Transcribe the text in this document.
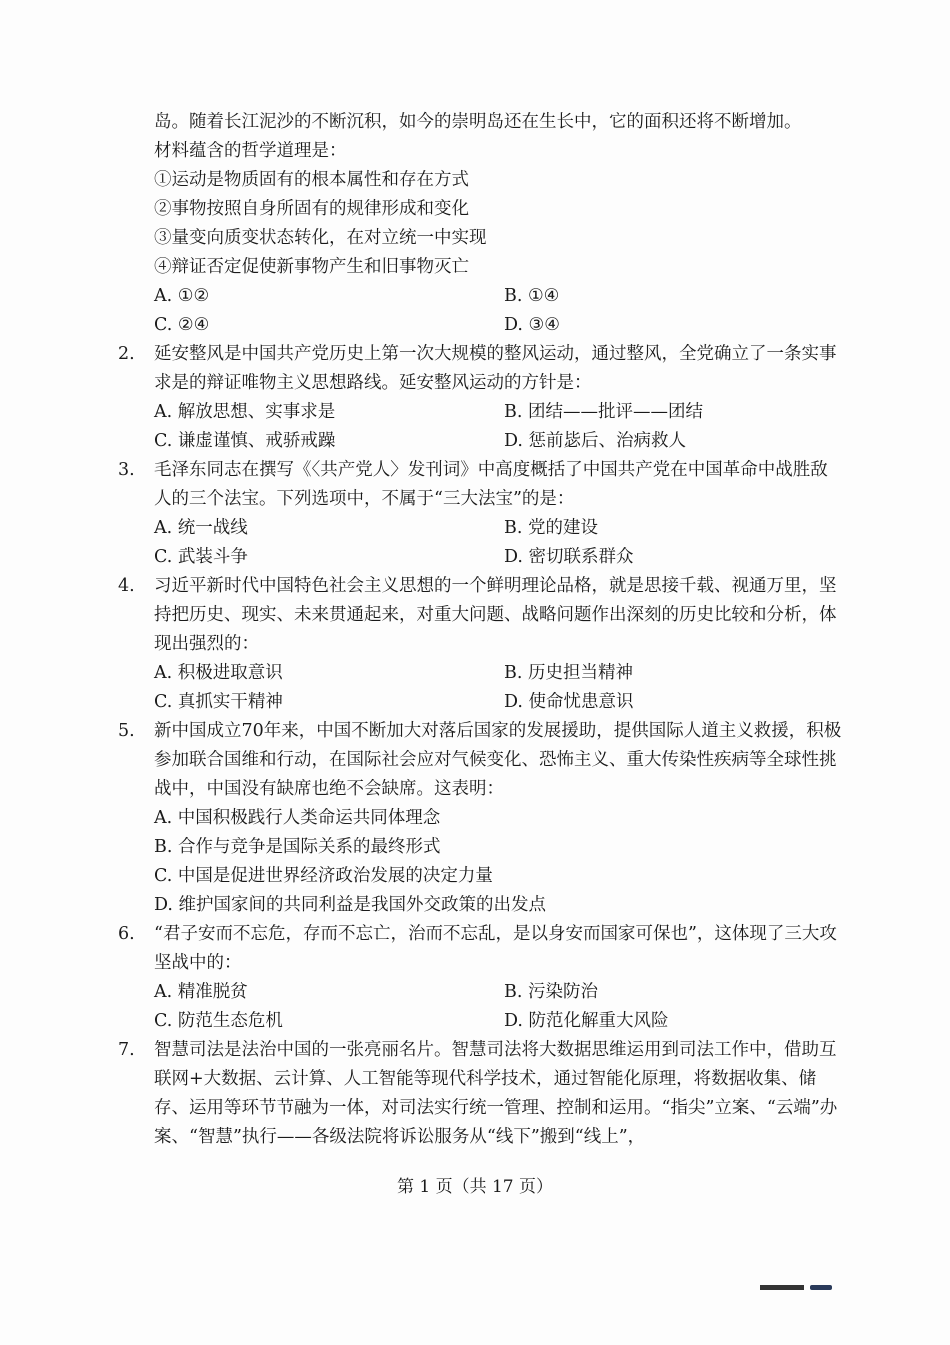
岛。随着长江泥沙的不断沉积，如今的崇明岛还在生长中，它的面积还将不断增加。

材料蕴含的哲学道理是：

①运动是物质固有的根本属性和存在方式

②事物按照自身所固有的规律形成和变化

③量变向质变状态转化，在对立统一中实现

④辩证否定促使新事物产生和旧事物灭亡

A. ①②	B. ①④
C. ②④	D. ③④
2.	延安整风是中国共产党历史上第一次大规模的整风运动，通过整风，全党确立了一条实事求是的辩证唯物主义思想路线。延安整风运动的方针是：

A. 解放思想、实事求是	B. 团结——批评——团结
C. 谦虚谨慎、戒骄戒躁	D. 惩前毖后、治病救人
3.	毛泽东同志在撰写《〈共产党人〉发刊词》中高度概括了中国共产党在中国革命中战胜敌人的三个法宝。下列选项中，不属于“三大法宝”的是：

A. 统一战线	B. 党的建设
C. 武装斗争	D. 密切联系群众
4.	习近平新时代中国特色社会主义思想的一个鲜明理论品格，就是思接千载、视通万里，坚持把历史、现实、未来贯通起来，对重大问题、战略问题作出深刻的历史比较和分析，体现出强烈的：

A. 积极进取意识	B. 历史担当精神
C. 真抓实干精神	D. 使命忧患意识
5.	新中国成立70年来，中国不断加大对落后国家的发展援助，提供国际人道主义救援，积极参加联合国维和行动，在国际社会应对气候变化、恐怖主义、重大传染性疾病等全球性挑战中，中国没有缺席也绝不会缺席。这表明：

A. 中国积极践行人类命运共同体理念
B. 合作与竞争是国际关系的最终形式
C. 中国是促进世界经济政治发展的决定力量
D. 维护国家间的共同利益是我国外交政策的出发点
6.	“君子安而不忘危，存而不忘亡，治而不忘乱，是以身安而国家可保也”，这体现了三大攻坚战中的：

A. 精准脱贫	B. 污染防治
C. 防范生态危机	D. 防范化解重大风险
7.	智慧司法是法治中国的一张亮丽名片。智慧司法将大数据思维运用到司法工作中，借助互联网+大数据、云计算、人工智能等现代科学技术，通过智能化原理，将数据收集、储存、运用等环节节融为一体，对司法实行统一管理、控制和运用。“指尖”立案、“云端”办案、“智慧”执行——各级法院将诉讼服务从“线下”搬到“线上”，

第 1 页（共 17 页）
